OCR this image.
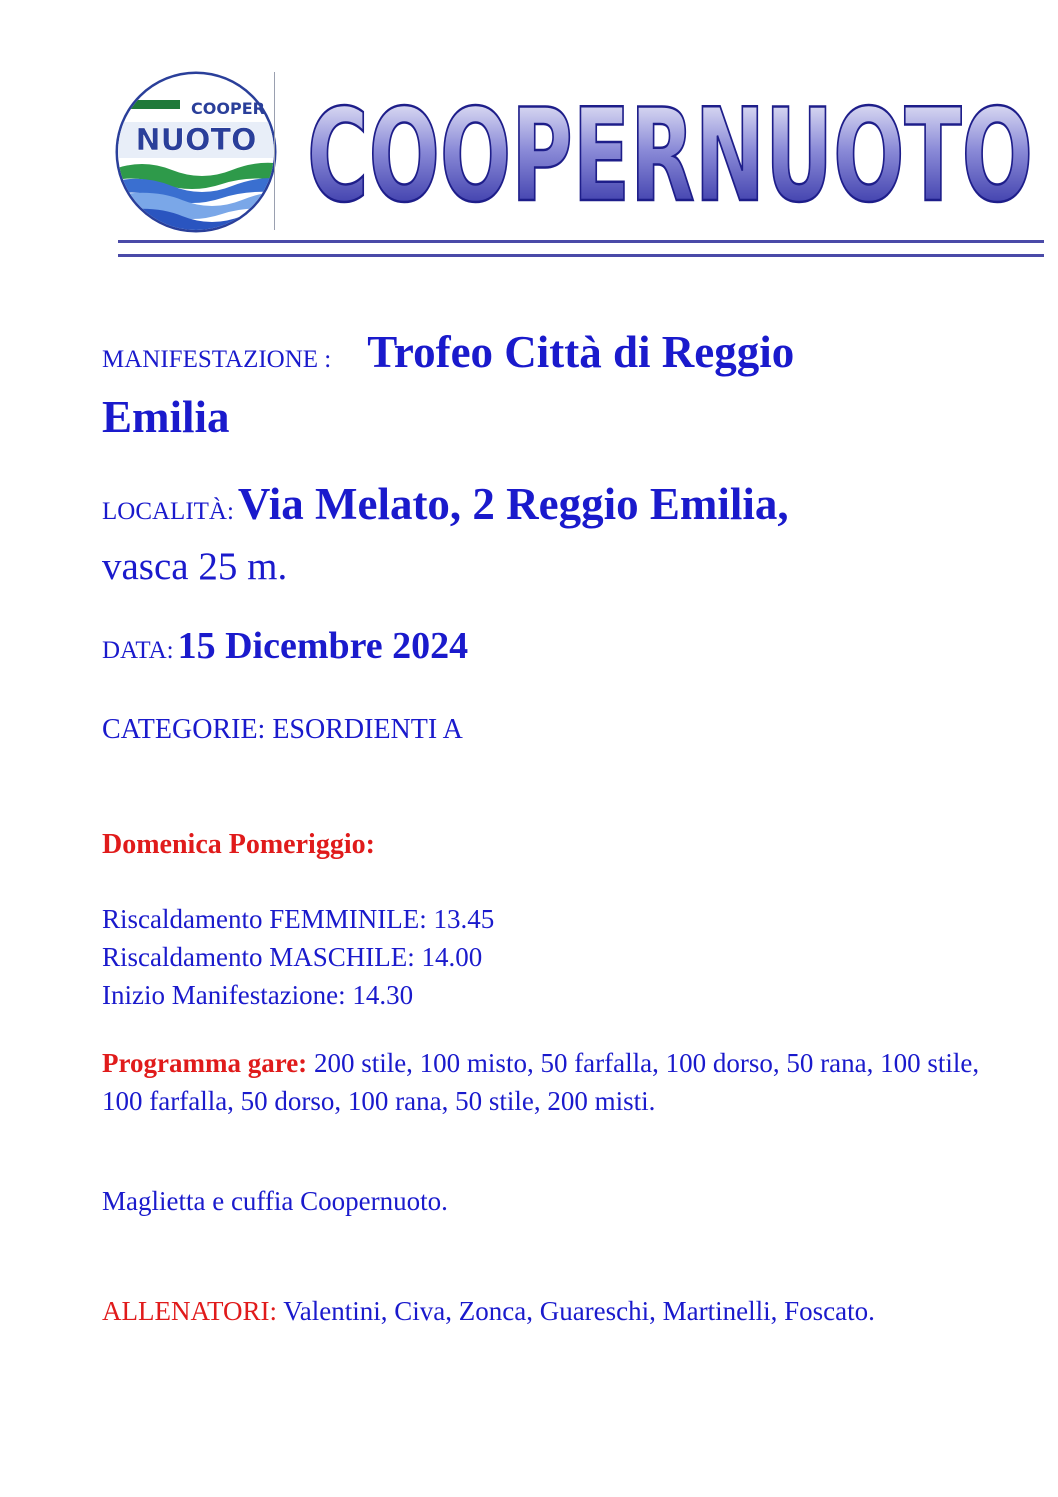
COOPER
NUOTO COOPERNUOTO
MANIFESTAZIONE : Trofeo Città di Reggio
Emilia
LOCALITÀ: Via Melato, 2 Reggio Emilia,
vasca 25 m.
DATA: 15 Dicembre 2024
CATEGORIE: ESORDIENTI A
Domenica Pomeriggio:
Riscaldamento FEMMINILE: 13.45
Riscaldamento MASCHILE: 14.00
Inizio Manifestazione: 14.30
Programma gare: 200 stile, 100 misto, 50 farfalla, 100 dorso, 50 rana, 100 stile, 100 farfalla, 50 dorso, 100 rana, 50 stile, 200 misti.
Maglietta e cuffia Coopernuoto.
ALLENATORI: Valentini, Civa, Zonca, Guareschi, Martinelli, Foscato.
